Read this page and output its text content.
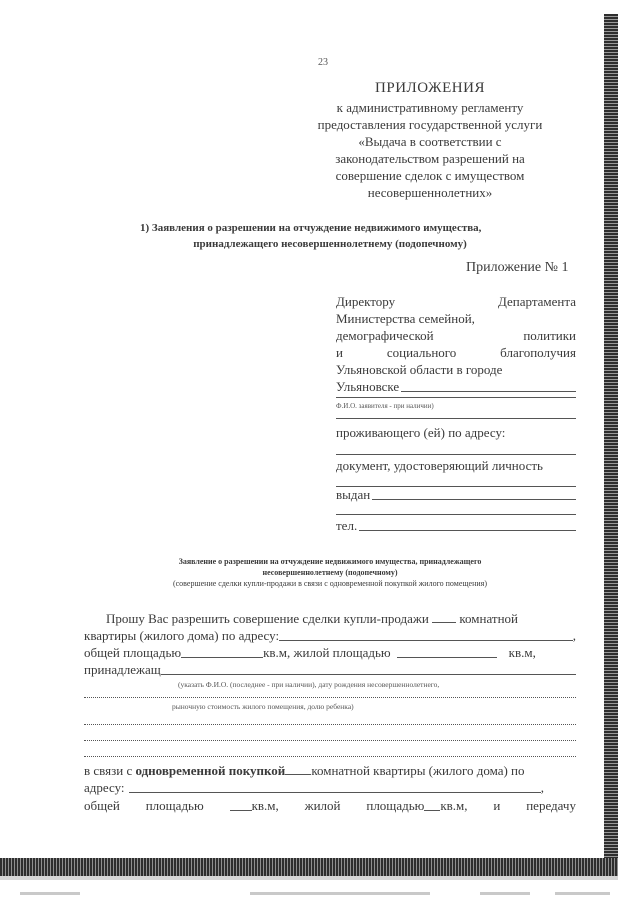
23
ПРИЛОЖЕНИЯ
к административному регламенту
предоставления государственной услуги
«Выдача в соответствии с
законодательством разрешений на
совершение сделок с имуществом
несовершеннолетних»
1) Заявления о разрешении на отчуждение недвижимого имущества,
принадлежащего несовершеннолетнему (подопечному)
Приложение № 1
Директору	Департамента
Министерства семейной,
демографической	политики
и	социального	благополучия
Ульяновской области в городе
Ульяновске
Ф.И.О. заявителя - при наличии)
проживающего (ей) по адресу:
документ, удостоверяющий личность
выдан
тел.
Заявление о разрешении на отчуждение недвижимого имущества, принадлежащего
несовершеннолетнему (подопечному)
(совершение сделки купли-продажи в связи с одновременной покупкой жилого помещения)
Прошу Вас разрешить совершение сделки купли-продажи комнатной
квартиры (жилого дома) по адресу:	,
общей площадью	кв.м, жилой площадью	кв.м,
принадлежащ
(указать Ф.И.О. (последнее - при наличии), дату рождения несовершеннолетнего,
рыночную стоимость жилого помещения, долю ребенка)
в связи с одновременной покупкой комнатной квартиры (жилого дома) по
адресу:	,
общей площадью	кв.м, жилой площадью кв.м, и передачу
